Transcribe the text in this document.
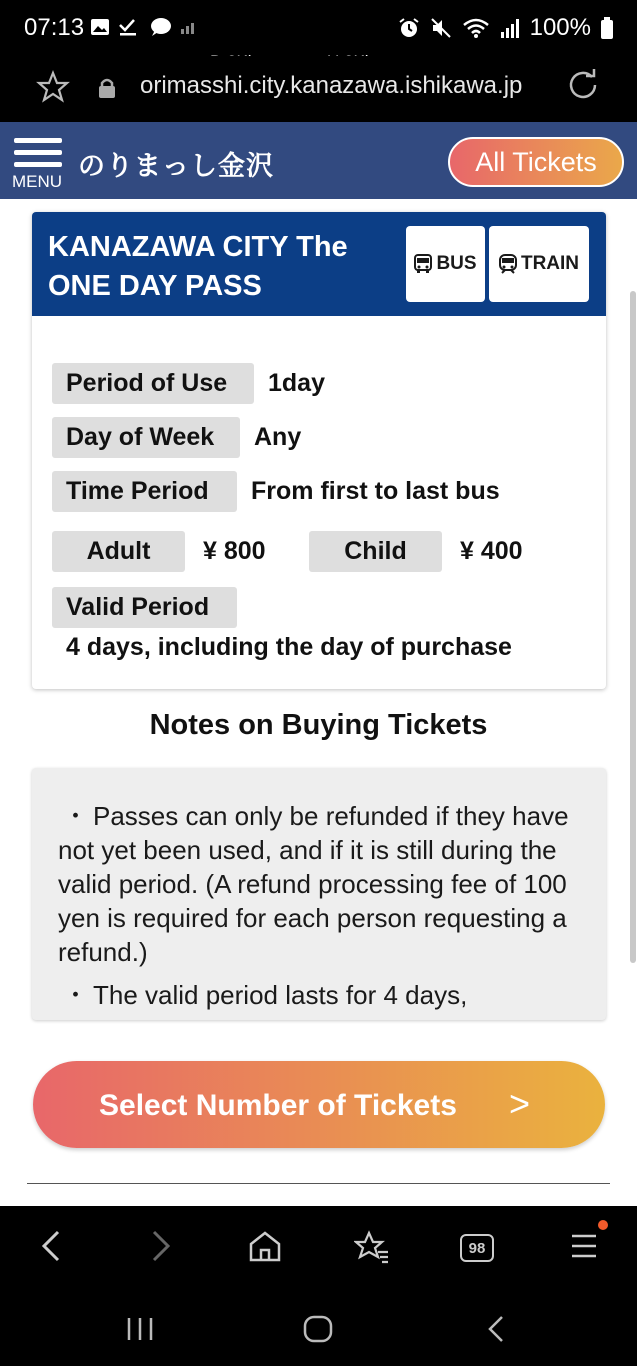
07:13	100%
orimasshi.city.kanazawa.ishikawa.jp
MENU
のりまっし金沢	All Tickets
KANAZAWA CITY The ONE DAY PASS
BUS TRAIN
Period of Use	1day
Day of Week	Any
Time Period	From first to last bus
Adult	¥ 800	Child	¥ 400
Valid Period
4 days, including the day of purchase
Notes on Buying Tickets
・ Passes can only be refunded if they have not yet been used, and if it is still during the valid period. (A refund processing fee of 100 yen is required for each person requesting a refund.)
・ The valid period lasts for 4 days,
Select Number of Tickets >
98
